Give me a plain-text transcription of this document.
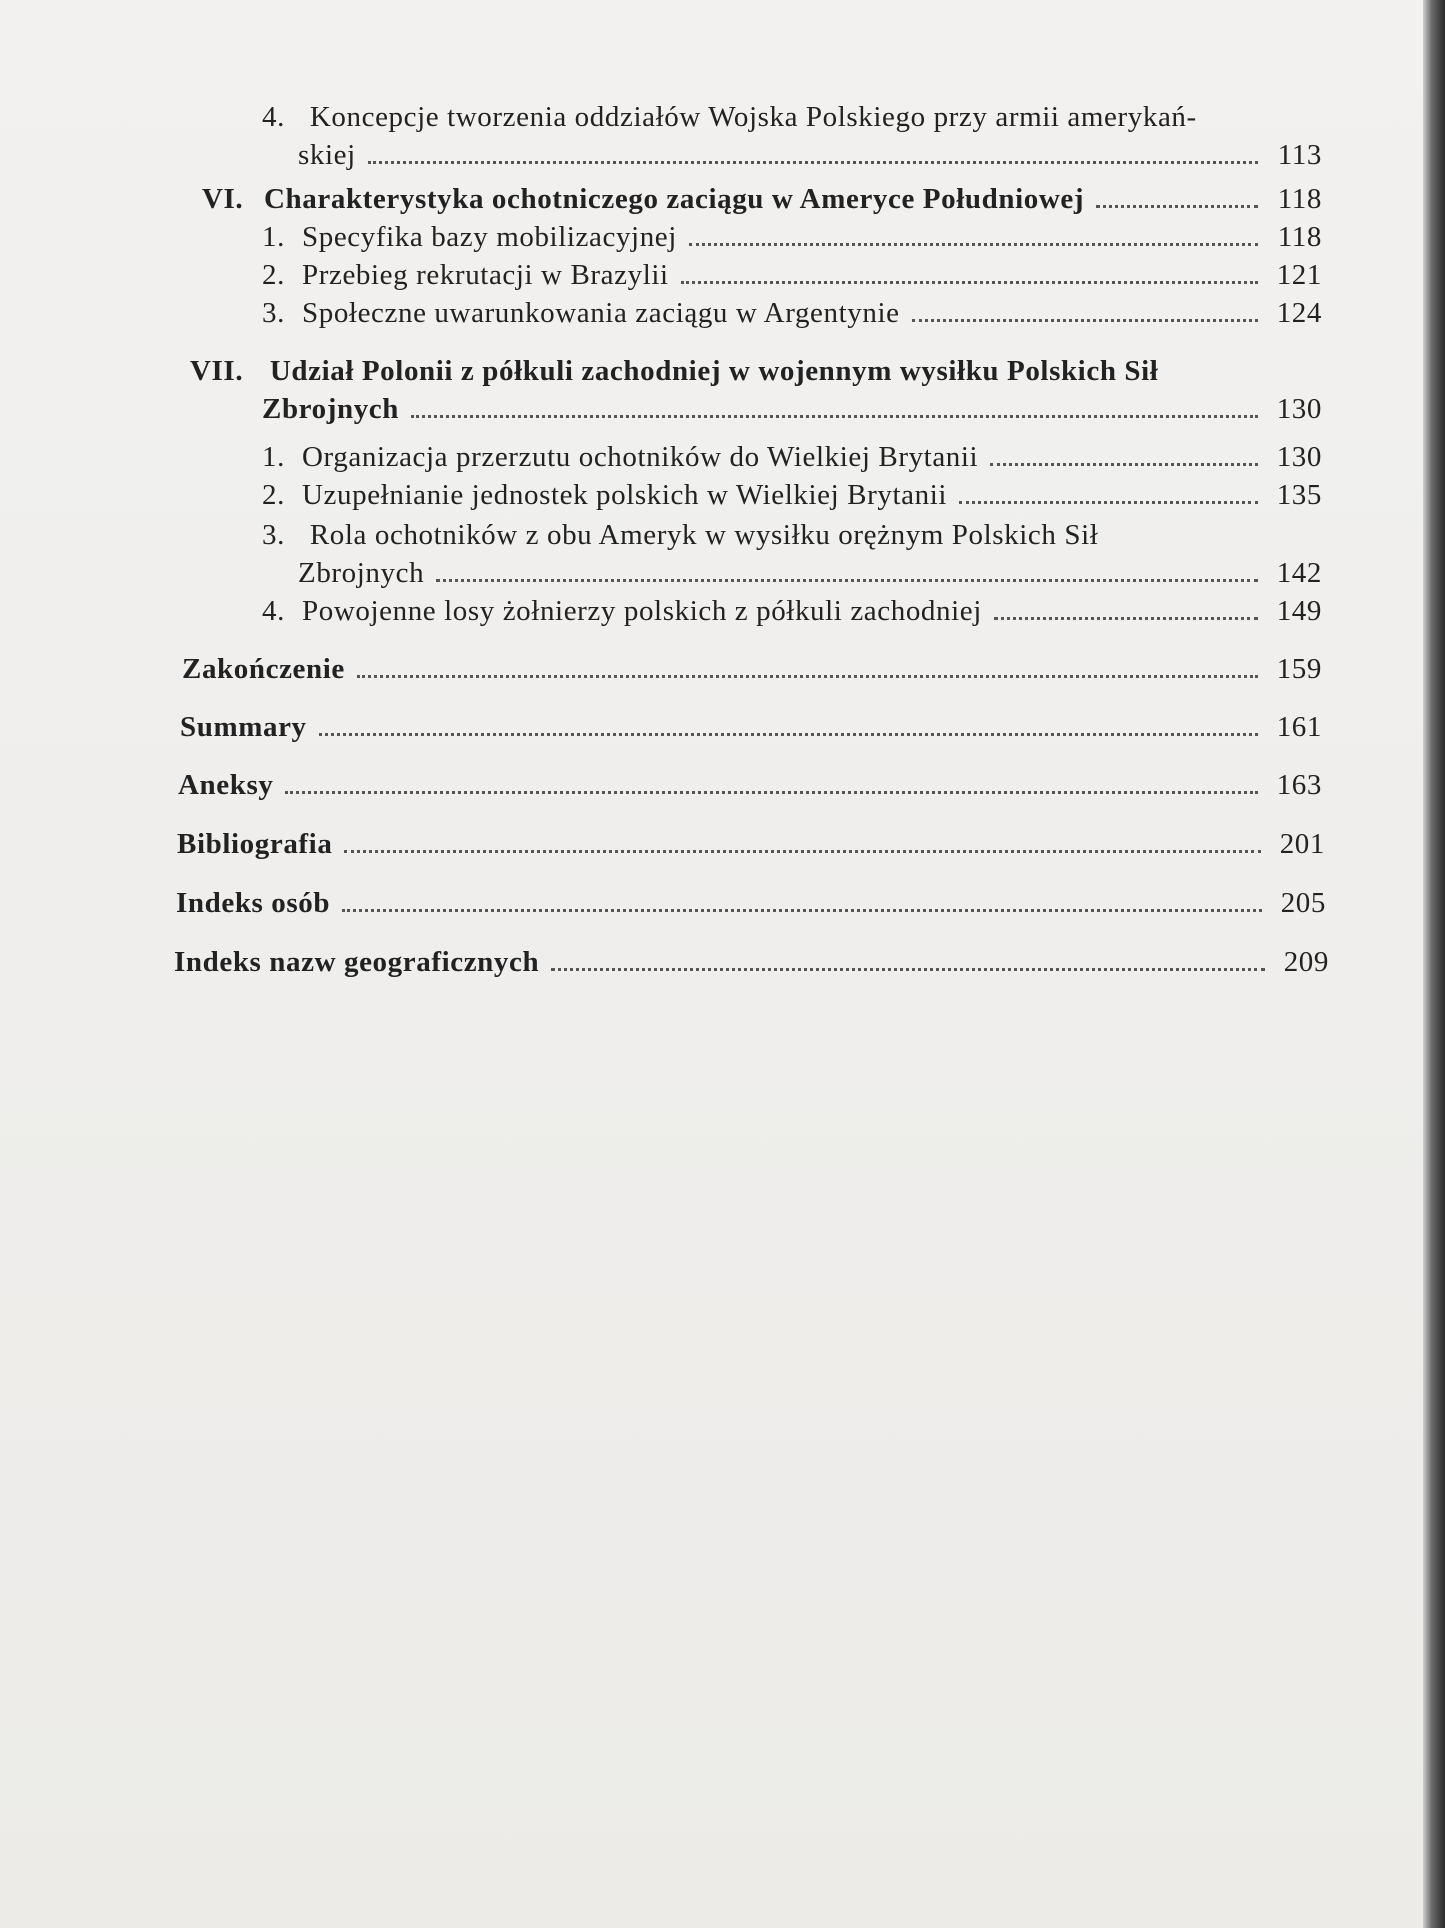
4. Koncepcje tworzenia oddziałów Wojska Polskiego przy armii amerykań-
skiej	113
VI. Charakterystyka ochotniczego zaciągu w Ameryce Południowej	118
1. Specyfika bazy mobilizacyjnej	118
2. Przebieg rekrutacji w Brazylii	121
3. Społeczne uwarunkowania zaciągu w Argentynie	124
VII. Udział Polonii z półkuli zachodniej w wojennym wysiłku Polskich Sił
Zbrojnych	130
1. Organizacja przerzutu ochotników do Wielkiej Brytanii	130
2. Uzupełnianie jednostek polskich w Wielkiej Brytanii	135
3. Rola ochotników z obu Ameryk w wysiłku orężnym Polskich Sił
Zbrojnych	142
4. Powojenne losy żołnierzy polskich z półkuli zachodniej	149
Zakończenie	159
Summary	161
Aneksy	163
Bibliografia	201
Indeks osób	205
Indeks nazw geograficznych	209
